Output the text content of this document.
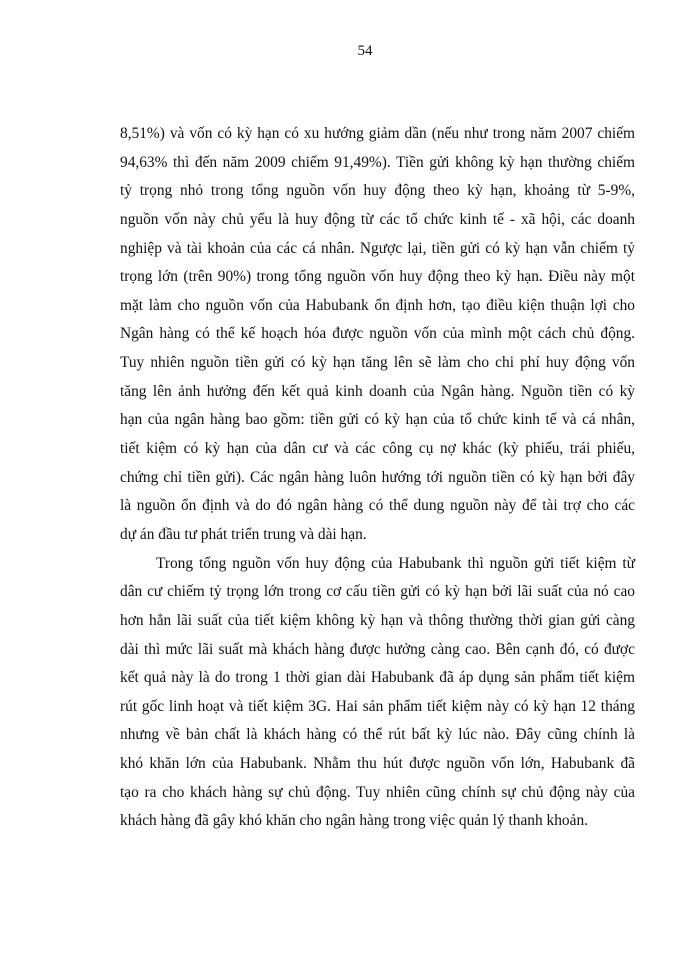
54
8,51%) và vốn có kỳ hạn có xu hướng giảm dần (nếu như trong năm 2007 chiếm
94,63% thì đến năm 2009 chiếm 91,49%). Tiền gửi không kỳ hạn thường chiếm
tỷ trọng nhỏ trong tổng nguồn vốn huy động theo kỳ hạn, khoảng từ 5-9%,
nguồn vốn này chủ yếu là huy động từ các tổ chức kinh tế - xã hội, các doanh
nghiệp và tài khoản của các cá nhân. Ngược lại, tiền gửi có kỳ hạn vẫn chiếm tỷ
trọng lớn (trên 90%) trong tổng nguồn vốn huy động theo kỳ hạn. Điều này một
mặt làm cho nguồn vốn của Habubank ổn định hơn, tạo điều kiện thuận lợi cho
Ngân hàng có thể kế hoạch hóa được nguồn vốn của mình một cách chủ động.
Tuy nhiên nguồn tiền gửi có kỳ hạn tăng lên sẽ làm cho chi phí huy động vốn
tăng lên ảnh hưởng đến kết quả kinh doanh của Ngân hàng. Nguồn tiền có kỳ
hạn của ngân hàng bao gồm: tiền gửi có kỳ hạn của tổ chức kinh tế và cá nhân,
tiết kiệm có kỳ hạn của dân cư và các công cụ nợ khác (kỳ phiếu, trái phiếu,
chứng chỉ tiền gửi). Các ngân hàng luôn hướng tới nguồn tiền có kỳ hạn bởi đây
là nguồn ổn định và do đó ngân hàng có thể dung nguồn này để tài trợ cho các
dự án đầu tư phát triển trung và dài hạn.
Trong tổng nguồn vốn huy động của Habubank thì nguồn gửi tiết kiệm từ
dân cư chiếm tỷ trọng lớn trong cơ cấu tiền gửi có kỳ hạn bởi lãi suất của nó cao
hơn hẳn lãi suất của tiết kiệm không kỳ hạn và thông thường thời gian gửi càng
dài thì mức lãi suất mà khách hàng được hưởng càng cao. Bên cạnh đó, có được
kết quả này là do trong 1 thời gian dài Habubank đã áp dụng sản phẩm tiết kiệm
rút gốc linh hoạt và tiết kiệm 3G. Hai sản phẩm tiết kiệm này có kỳ hạn 12 tháng
nhưng về bản chất là khách hàng có thể rút bất kỳ lúc nào. Đây cũng chính là
khó khăn lớn của Habubank. Nhằm thu hút được nguồn vốn lớn, Habubank đã
tạo ra cho khách hàng sự chủ động. Tuy nhiên cũng chính sự chủ động này của
khách hàng đã gây khó khăn cho ngân hàng trong việc quản lý thanh khoản.
